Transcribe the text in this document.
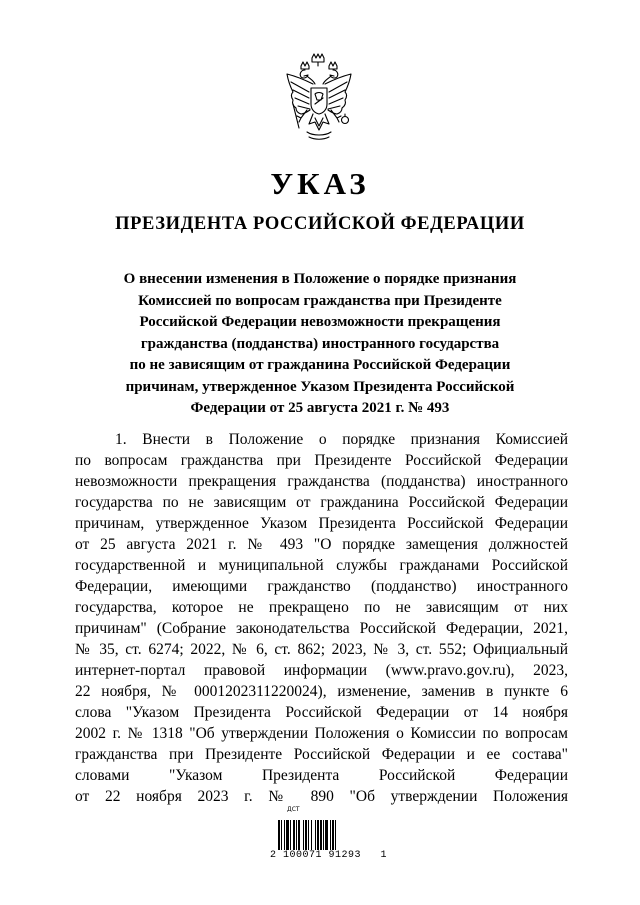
УКАЗ
ПРЕЗИДЕНТА РОССИЙСКОЙ ФЕДЕРАЦИИ
О внесении изменения в Положение о порядке признания
Комиссией по вопросам гражданства при Президенте
Российской Федерации невозможности прекращения
гражданства (подданства) иностранного государства
по не зависящим от гражданина Российской Федерации
причинам, утвержденное Указом Президента Российской
Федерации от 25 августа 2021 г. № 493
1. Внести в Положение о порядке признания Комиссией
по вопросам гражданства при Президенте Российской Федерации
невозможности прекращения гражданства (подданства) иностранного
государства по не зависящим от гражданина Российской Федерации
причинам, утвержденное Указом Президента Российской Федерации
от 25 августа 2021 г. № 493 "О порядке замещения должностей
государственной и муниципальной службы гражданами Российской
Федерации, имеющими гражданство (подданство) иностранного
государства, которое не прекращено по не зависящим от них
причинам" (Собрание законодательства Российской Федерации, 2021,
№ 35, ст. 6274; 2022, № 6, ст. 862; 2023, № 3, ст. 552; Официальный
интернет-портал правовой информации (www.pravo.gov.ru), 2023,
22 ноября, № 0001202311220024), изменение, заменив в пункте 6
слова "Указом Президента Российской Федерации от 14 ноября
2002 г. № 1318 "Об утверждении Положения о Комиссии по вопросам
гражданства при Президенте Российской Федерации и ее состава"
словами "Указом Президента Российской Федерации
от 22 ноября 2023 г. № 890 "Об утверждении Положения
ДСТ
2 100071 91293   1
